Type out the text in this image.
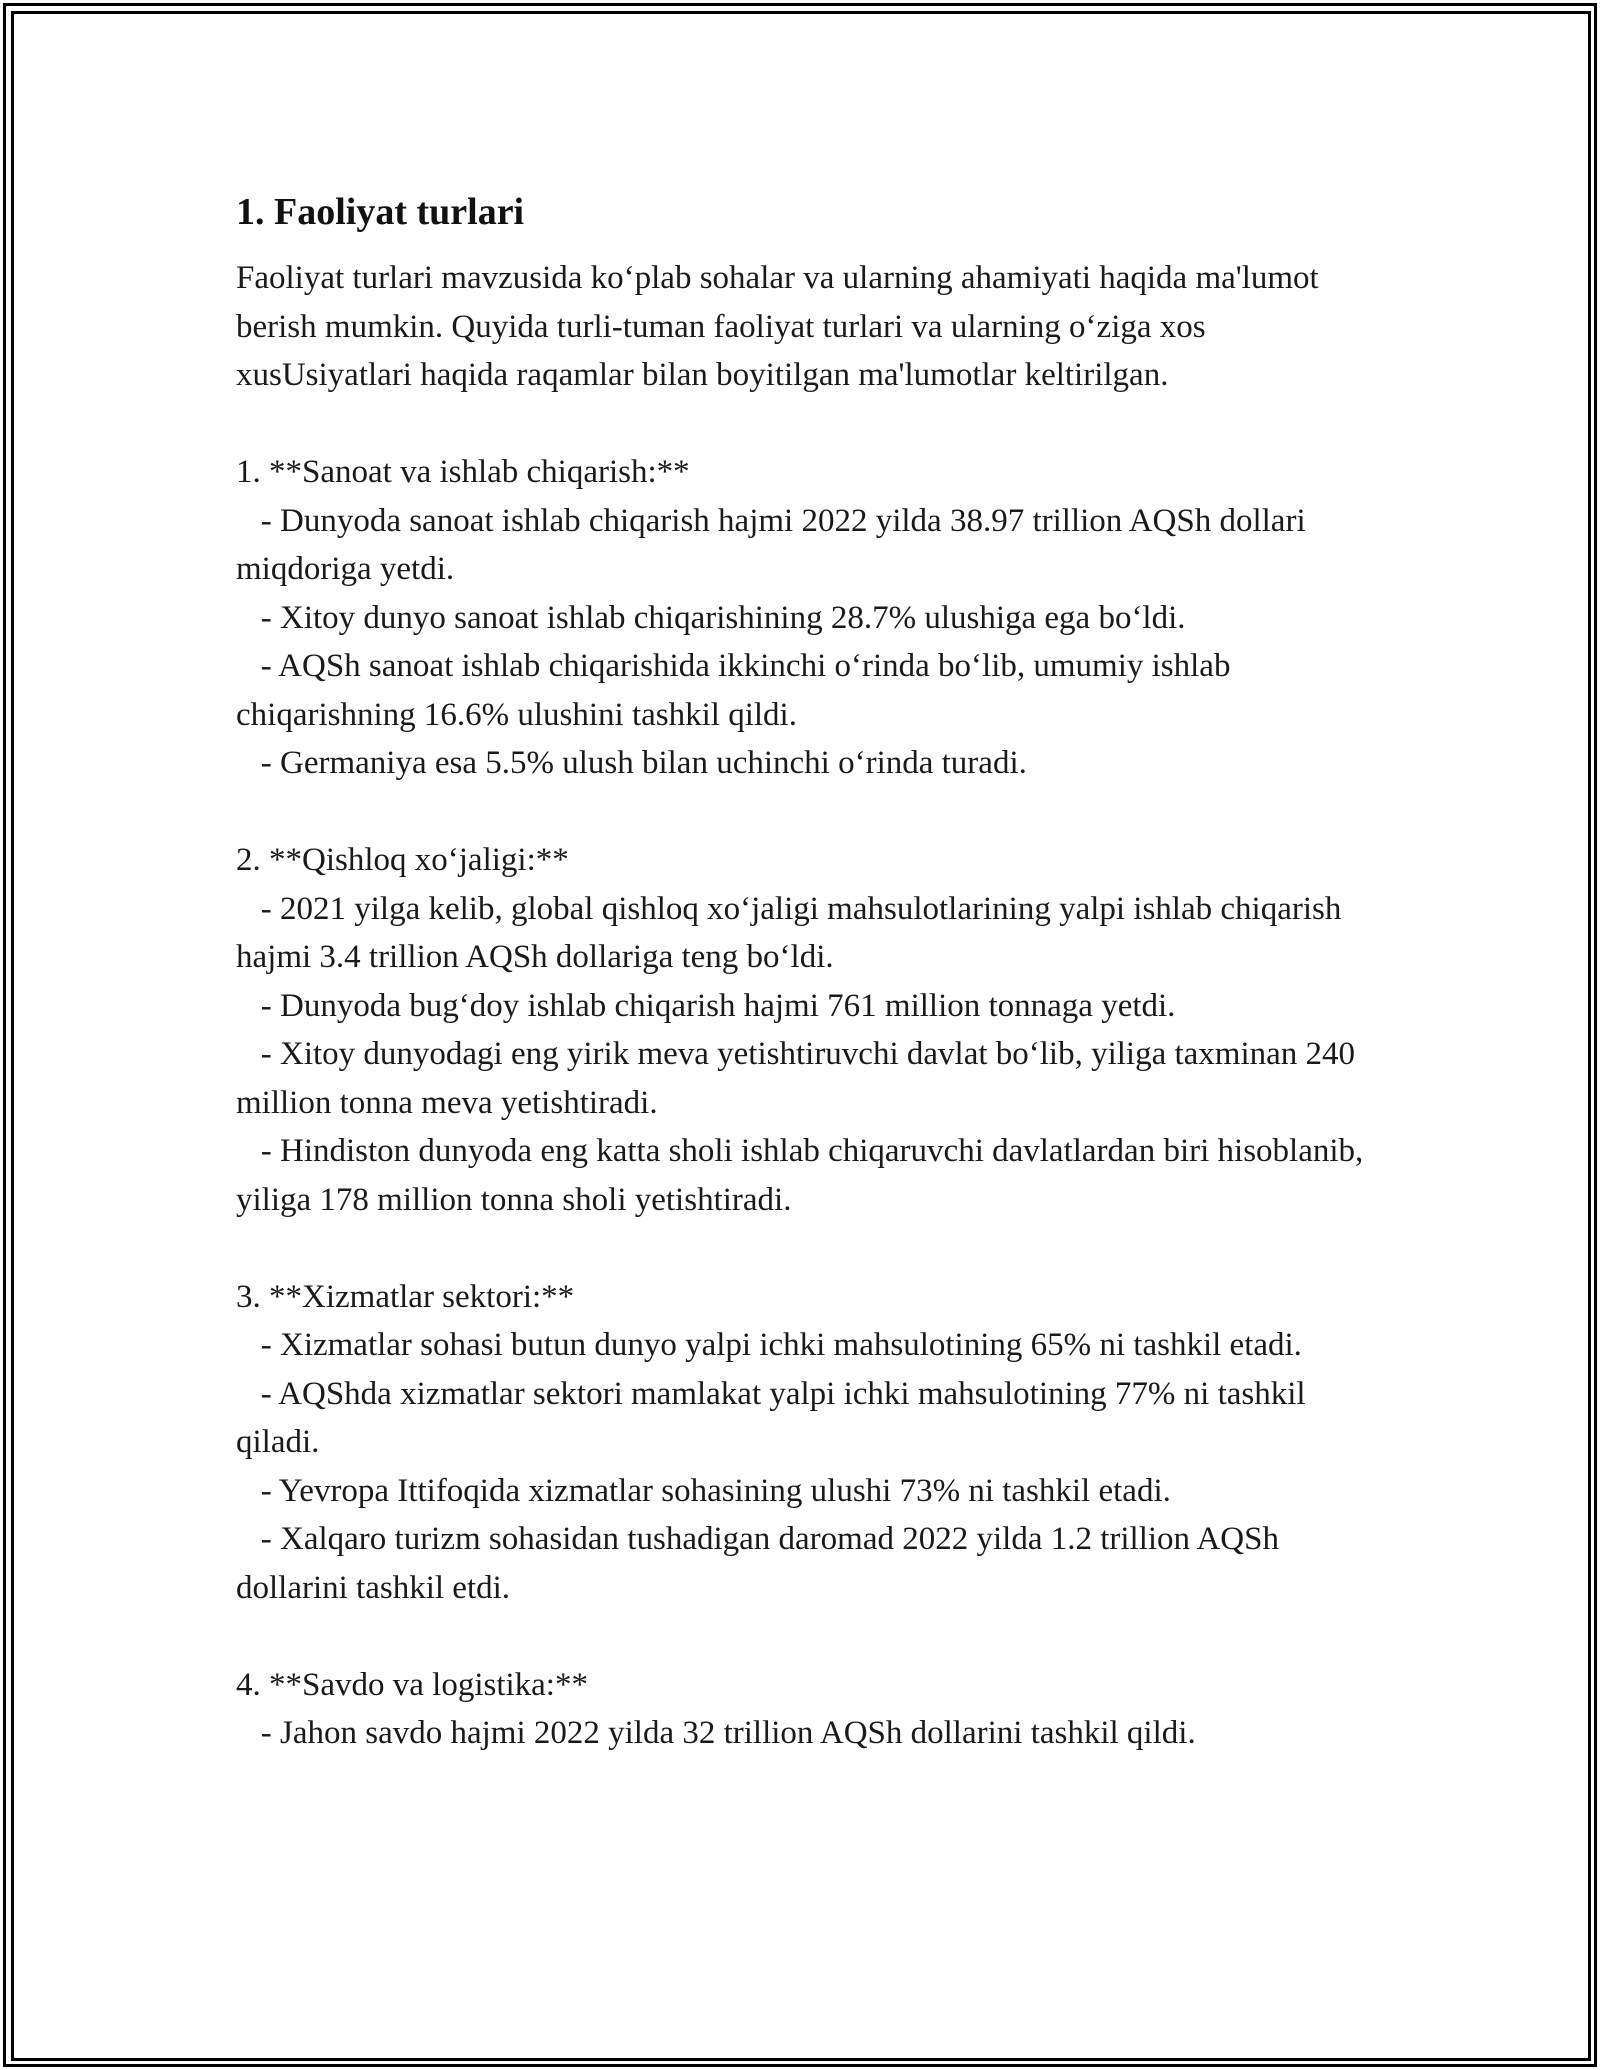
1. Faoliyat turlari

Faoliyat turlari mavzusida ko‘plab sohalar va ularning ahamiyati haqida ma'lumot berish mumkin. Quyida turli-tuman faoliyat turlari va ularning o‘ziga xos xusUsiyatlari haqida raqamlar bilan boyitilgan ma'lumotlar keltirilgan.

1. **Sanoat va ishlab chiqarish:**

- Dunyoda sanoat ishlab chiqarish hajmi 2022 yilda 38.97 trillion AQSh dollari miqdoriga yetdi.

- Xitoy dunyo sanoat ishlab chiqarishining 28.7% ulushiga ega bo‘ldi.

- AQSh sanoat ishlab chiqarishida ikkinchi o‘rinda bo‘lib, umumiy ishlab chiqarishning 16.6% ulushini tashkil qildi.

- Germaniya esa 5.5% ulush bilan uchinchi o‘rinda turadi.

2. **Qishloq xo‘jaligi:**

- 2021 yilga kelib, global qishloq xo‘jaligi mahsulotlarining yalpi ishlab chiqarish hajmi 3.4 trillion AQSh dollariga teng bo‘ldi.

- Dunyoda bug‘doy ishlab chiqarish hajmi 761 million tonnaga yetdi.

- Xitoy dunyodagi eng yirik meva yetishtiruvchi davlat bo‘lib, yiliga taxminan 240 million tonna meva yetishtiradi.

- Hindiston dunyoda eng katta sholi ishlab chiqaruvchi davlatlardan biri hisoblanib, yiliga 178 million tonna sholi yetishtiradi.

3. **Xizmatlar sektori:**

- Xizmatlar sohasi butun dunyo yalpi ichki mahsulotining 65% ni tashkil etadi.

- AQShda xizmatlar sektori mamlakat yalpi ichki mahsulotining 77% ni tashkil qiladi.

- Yevropa Ittifoqida xizmatlar sohasining ulushi 73% ni tashkil etadi.

- Xalqaro turizm sohasidan tushadigan daromad 2022 yilda 1.2 trillion AQSh dollarini tashkil etdi.

4. **Savdo va logistika:**

- Jahon savdo hajmi 2022 yilda 32 trillion AQSh dollarini tashkil qildi.
